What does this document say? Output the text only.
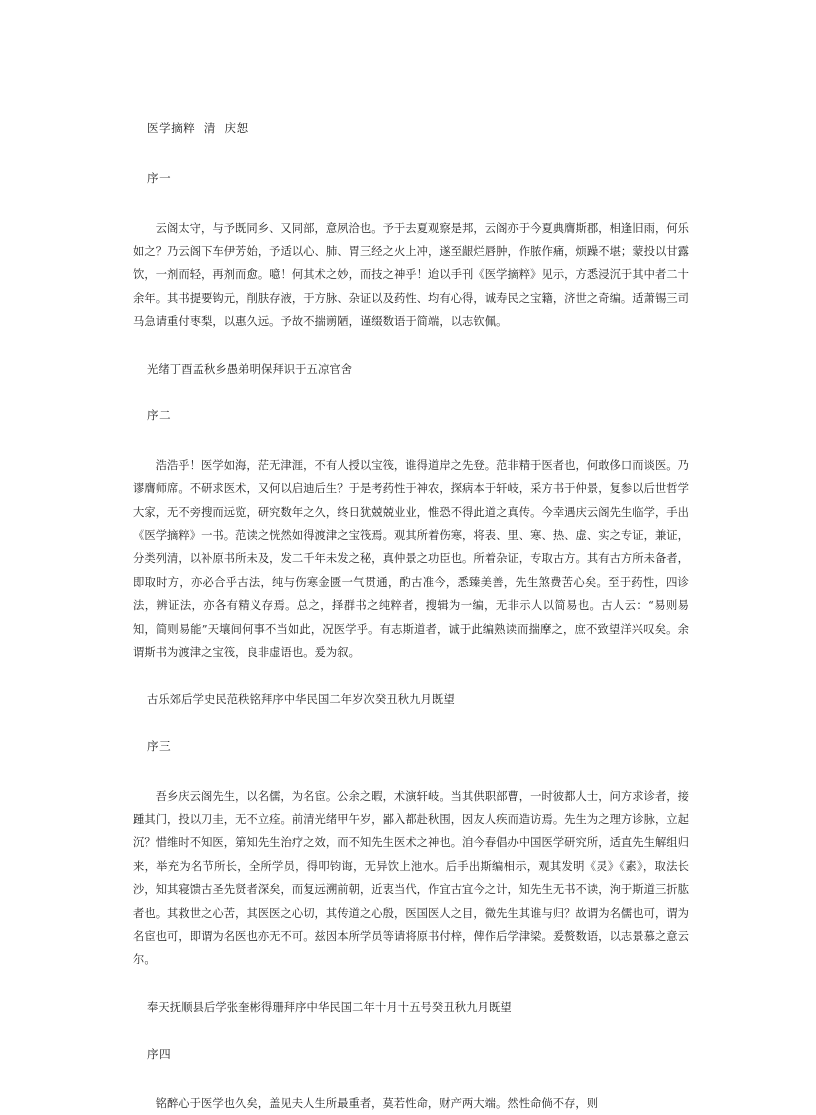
医学摘粹  清  庆恕
序一

云阁太守，与予既同乡、又同部，意夙洽也。予于去夏观察是邦，云阁亦于今夏典膺斯郡，相逢旧雨，何乐如之？乃云阁下车伊芳始，予适以心、肺、胃三经之火上冲，遂至龈烂唇肿，作脓作痛，烦躁不堪；蒙投以甘露饮，一剂而轻，再剂而愈。噫！何其术之妙，而技之神乎！迨以手刊《医学摘粹》见示，方悉浸沉于其中者二十余年。其书提要钩元，削肤存液，于方脉、杂证以及药性、均有心得，诚寿民之宝籍，济世之奇编。适萧锡三司马急请重付枣梨，以惠久远。予故不揣谫陋，谨缀数语于简端，以志钦佩。

光绪丁酉孟秋乡愚弟明保拜识于五凉官舍
序二

浩浩乎！医学如海，茫无津涯，不有人授以宝筏，谁得道岸之先登。范非精于医者也，何敢侈口而谈医。乃谬膺师席。不研求医术，又何以启迪后生？于是考药性于神农，探病本于轩岐，采方书于仲景，复参以后世哲学大家，无不旁搜而远览，研究数年之久，终日犹兢兢业业，惟恐不得此道之真传。今幸遇庆云阁先生临学，手出《医学摘粹》一书。范读之恍然如得渡津之宝筏焉。观其所着伤寒，将表、里、寒、热、虚、实之专证，兼证，分类列清，以补原书所未及，发二千年未发之秘，真仲景之功臣也。所着杂证，专取古方。其有古方所未备者，即取时方，亦必合乎古法，纯与伤寒金匮一气贯通，酌古准今，悉臻美善，先生煞费苦心矣。至于药性，四诊法，辨证法，亦各有精义存焉。总之，择群书之纯粹者，搜辑为一编，无非示人以简易也。古人云：“易则易知，简则易能”天壤间何事不当如此，况医学乎。有志斯道者，诚于此编熟读而揣摩之，庶不致望洋兴叹矣。余谓斯书为渡津之宝筏，良非虚语也。爰为叙。

古乐郊后学史民范秩铭拜序中华民国二年岁次癸丑秋九月既望
序三

吾乡庆云阁先生，以名儒，为名宦。公余之暇，术演轩岐。当其供职部曹，一时彼都人士，问方求诊者，接踵其门，投以刀圭，无不立痊。前清光绪甲午岁，鄙入都赴秋围，因友人疾而造访焉。先生为之理方诊脉，立起沉？惜维时不知医，第知先生治疗之效，而不知先生医术之神也。洎今春倡办中国医学研究所，适直先生解组归来，举充为名节所长，全所学员，得叩钧诲，无异饮上池水。后手出斯编相示，观其发明《灵》《素》，取法长沙，知其寝馈古圣先贤者深矣，而复远溯前朝，近衷当代，作宜古宜今之计，知先生无书不读，洵于斯道三折肱者也。其救世之心苦，其医医之心切，其传道之心殷，医国医人之目，微先生其谁与归？故谓为名儒也可，谓为名宦也可，即谓为名医也亦无不可。兹因本所学员等请将原书付梓，俾作后学津梁。爰赘数语，以志景慕之意云尔。

奉天抚顺县后学张奎彬得珊拜序中华民国二年十月十五号癸丑秋九月既望
序四

铭醉心于医学也久矣，盖见夫人生所最重者，莫若性命，财产两大端。然性命倘不存，则
